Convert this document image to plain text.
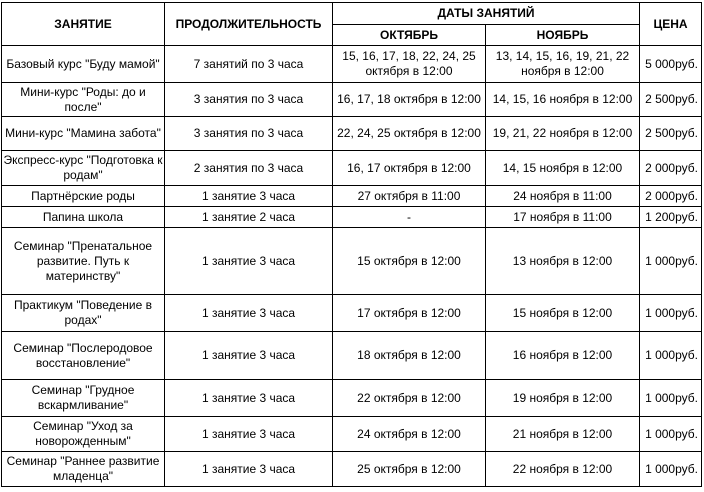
ЗАНЯТИЕ	ПРОДОЛЖИТЕЛЬНОСТЬ	ДАТЫ ЗАНЯТИЙ		ЦЕНА
		ОКТЯБРЬ	НОЯБРЬ	
Базовый курс "Буду мамой"	7 занятий по 3 часа	15, 16, 17, 18, 22, 24, 25 октября в 12:00	13, 14, 15, 16, 19, 21, 22 ноября в 12:00	5 000руб.
Мини-курс "Роды: до и после"	3 занятия по 3 часа	16, 17, 18 октября в 12:00	14, 15, 16 ноября в 12:00	2 500руб.
Мини-курс "Мамина забота"	3 занятия по 3 часа	22, 24, 25 октября в 12:00	19, 21, 22 ноября в 12:00	2 500руб.
Экспресс-курс "Подготовка к родам"	2 занятия по 3 часа	16, 17 октября в 12:00	14, 15 ноября в 12:00	2 000руб.
Партнёрские роды	1 занятие 3 часа	27 октября в 11:00	24 ноября в 11:00	2 000руб.
Папина школа	1 занятие 2 часа	-	17 ноября в 11:00	1 200руб.
Семинар "Пренатальное развитие. Путь к материнству"	1 занятие 3 часа	15 октября в 12:00	13 ноября в 12:00	1 000руб.
Практикум "Поведение в родах"	1 занятие 3 часа	17 октября в 12:00	15 ноября в 12:00	1 000руб.
Семинар "Послеродовое восстановление"	1 занятие 3 часа	18 октября в 12:00	16 ноября в 12:00	1 000руб.
Семинар "Грудное вскармливание"	1 занятие 3 часа	22 октября в 12:00	19 ноября в 12:00	1 000руб.
Семинар "Уход за новорожденным"	1 занятие 3 часа	24 октября в 12:00	21 ноября в 12:00	1 000руб.
Семинар "Раннее развитие младенца"	1 занятие 3 часа	25 октября в 12:00	22 ноября в 12:00	1 000руб.
